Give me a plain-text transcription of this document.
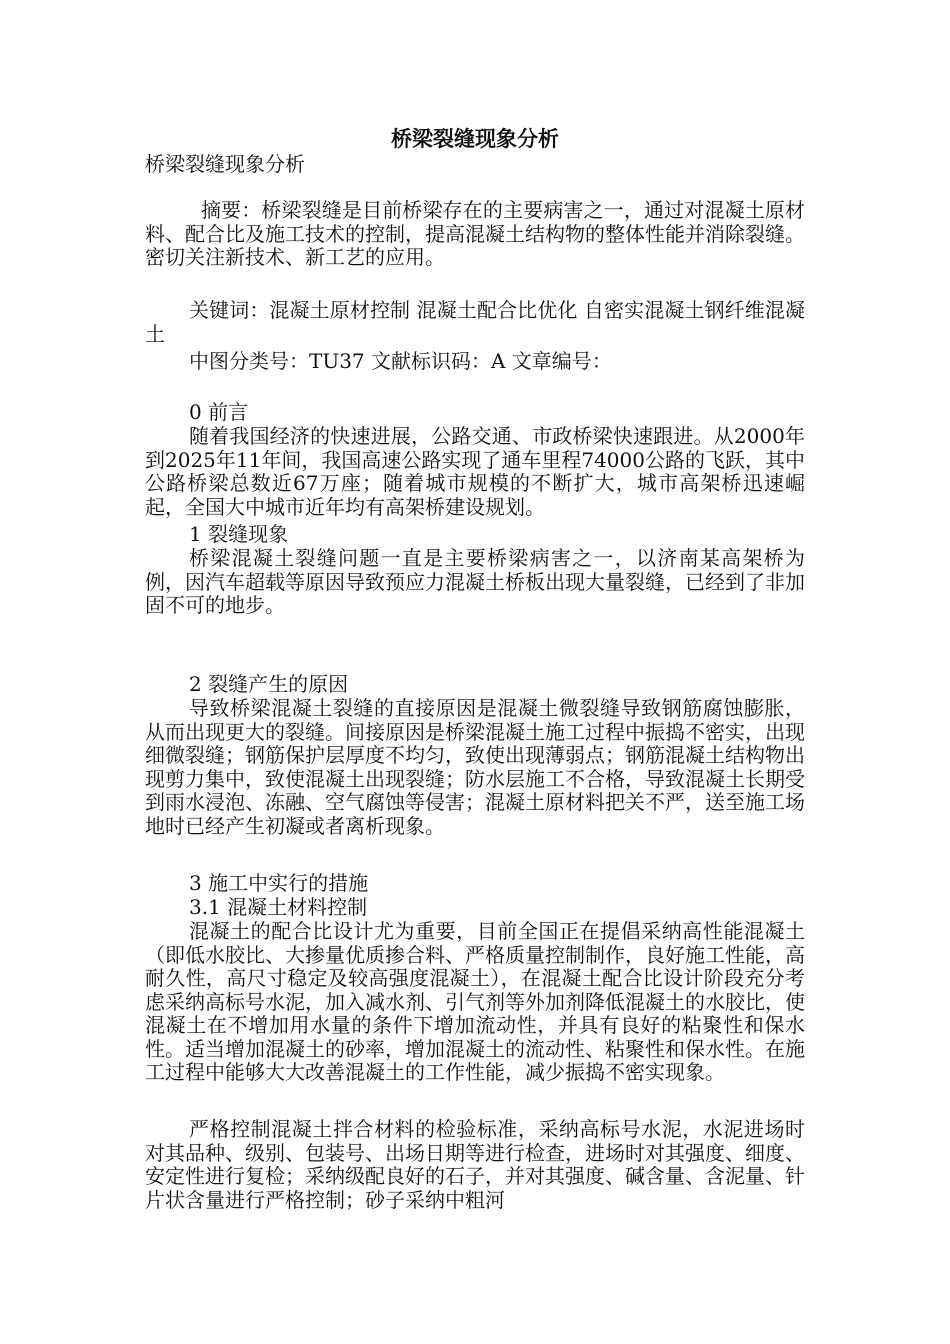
桥梁裂缝现象分析

桥梁裂缝现象分析

摘要：桥梁裂缝是目前桥梁存在的主要病害之一，通过对混凝土原材料、配合比及施工技术的控制，提高混凝土结构物的整体性能并消除裂缝。密切关注新技术、新工艺的应用。

关键词：混凝土原材控制 混凝土配合比优化 自密实混凝土钢纤维混凝土

中图分类号：TU37 文献标识码：A 文章编号：

0 前言

随着我国经济的快速进展，公路交通、市政桥梁快速跟进。从2000年到2025年11年间，我国高速公路实现了通车里程74000公路的飞跃，其中公路桥梁总数近67万座；随着城市规模的不断扩大，城市高架桥迅速崛起，全国大中城市近年均有高架桥建设规划。

1 裂缝现象

桥梁混凝土裂缝问题一直是主要桥梁病害之一，以济南某高架桥为例，因汽车超载等原因导致预应力混凝土桥板出现大量裂缝，已经到了非加固不可的地步。

2 裂缝产生的原因

导致桥梁混凝土裂缝的直接原因是混凝土微裂缝导致钢筋腐蚀膨胀，从而出现更大的裂缝。间接原因是桥梁混凝土施工过程中振捣不密实，出现细微裂缝；钢筋保护层厚度不均匀，致使出现薄弱点；钢筋混凝土结构物出现剪力集中，致使混凝土出现裂缝；防水层施工不合格，导致混凝土长期受到雨水浸泡、冻融、空气腐蚀等侵害；混凝土原材料把关不严，送至施工场地时已经产生初凝或者离析现象。

3 施工中实行的措施

3.1 混凝土材料控制

混凝土的配合比设计尤为重要，目前全国正在提倡采纳高性能混凝土（即低水胶比、大掺量优质掺合料、严格质量控制制作，良好施工性能，高耐久性，高尺寸稳定及较高强度混凝土），在混凝土配合比设计阶段充分考虑采纳高标号水泥，加入减水剂、引气剂等外加剂降低混凝土的水胶比，使混凝土在不增加用水量的条件下增加流动性，并具有良好的粘聚性和保水性。适当增加混凝土的砂率，增加混凝土的流动性、粘聚性和保水性。在施工过程中能够大大改善混凝土的工作性能，减少振捣不密实现象。

严格控制混凝土拌合材料的检验标准，采纳高标号水泥，水泥进场时对其品种、级别、包装号、出场日期等进行检查，进场时对其强度、细度、安定性进行复检；采纳级配良好的石子，并对其强度、碱含量、含泥量、针片状含量进行严格控制；砂子采纳中粗河
